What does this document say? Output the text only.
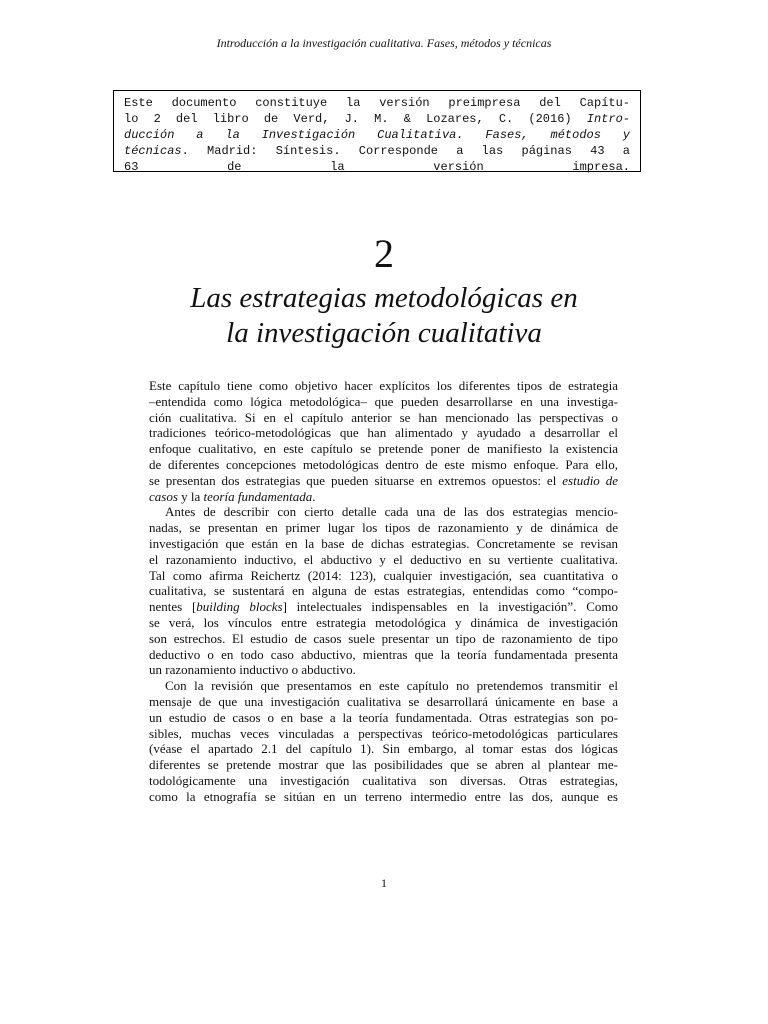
Introducción a la investigación cualitativa. Fases, métodos y técnicas
Este documento constituye la versión preimpresa del Capítu-
lo 2 del libro de Verd, J. M. & Lozares, C. (2016) Intro-
ducción a la Investigación Cualitativa. Fases, métodos y
técnicas. Madrid: Síntesis. Corresponde a las páginas 43 a
63 de la versión impresa.
2
Las estrategias metodológicas en
la investigación cualitativa
Este capítulo tiene como objetivo hacer explícitos los diferentes tipos de estrategia
–entendida como lógica metodológica– que pueden desarrollarse en una investiga-
ción cualitativa. Si en el capítulo anterior se han mencionado las perspectivas o
tradiciones teórico-metodológicas que han alimentado y ayudado a desarrollar el
enfoque cualitativo, en este capítulo se pretende poner de manifiesto la existencia
de diferentes concepciones metodológicas dentro de este mismo enfoque. Para ello,
se presentan dos estrategias que pueden situarse en extremos opuestos: el estudio de
casos y la teoría fundamentada.
Antes de describir con cierto detalle cada una de las dos estrategias mencio-
nadas, se presentan en primer lugar los tipos de razonamiento y de dinámica de
investigación que están en la base de dichas estrategias. Concretamente se revisan
el razonamiento inductivo, el abductivo y el deductivo en su vertiente cualitativa.
Tal como afirma Reichertz (2014: 123), cualquier investigación, sea cuantitativa o
cualitativa, se sustentará en alguna de estas estrategias, entendidas como “compo-
nentes [building blocks] intelectuales indispensables en la investigación”. Como
se verá, los vínculos entre estrategia metodológica y dinámica de investigación
son estrechos. El estudio de casos suele presentar un tipo de razonamiento de tipo
deductivo o en todo caso abductivo, mientras que la teoría fundamentada presenta
un razonamiento inductivo o abductivo.
Con la revisión que presentamos en este capítulo no pretendemos transmitir el
mensaje de que una investigación cualitativa se desarrollará únicamente en base a
un estudio de casos o en base a la teoría fundamentada. Otras estrategias son po-
sibles, muchas veces vinculadas a perspectivas teórico-metodológicas particulares
(véase el apartado 2.1 del capítulo 1). Sin embargo, al tomar estas dos lógicas
diferentes se pretende mostrar que las posibilidades que se abren al plantear me-
todológicamente una investigación cualitativa son diversas. Otras estrategias,
como la etnografía se sitúan en un terreno intermedio entre las dos, aunque es
1
